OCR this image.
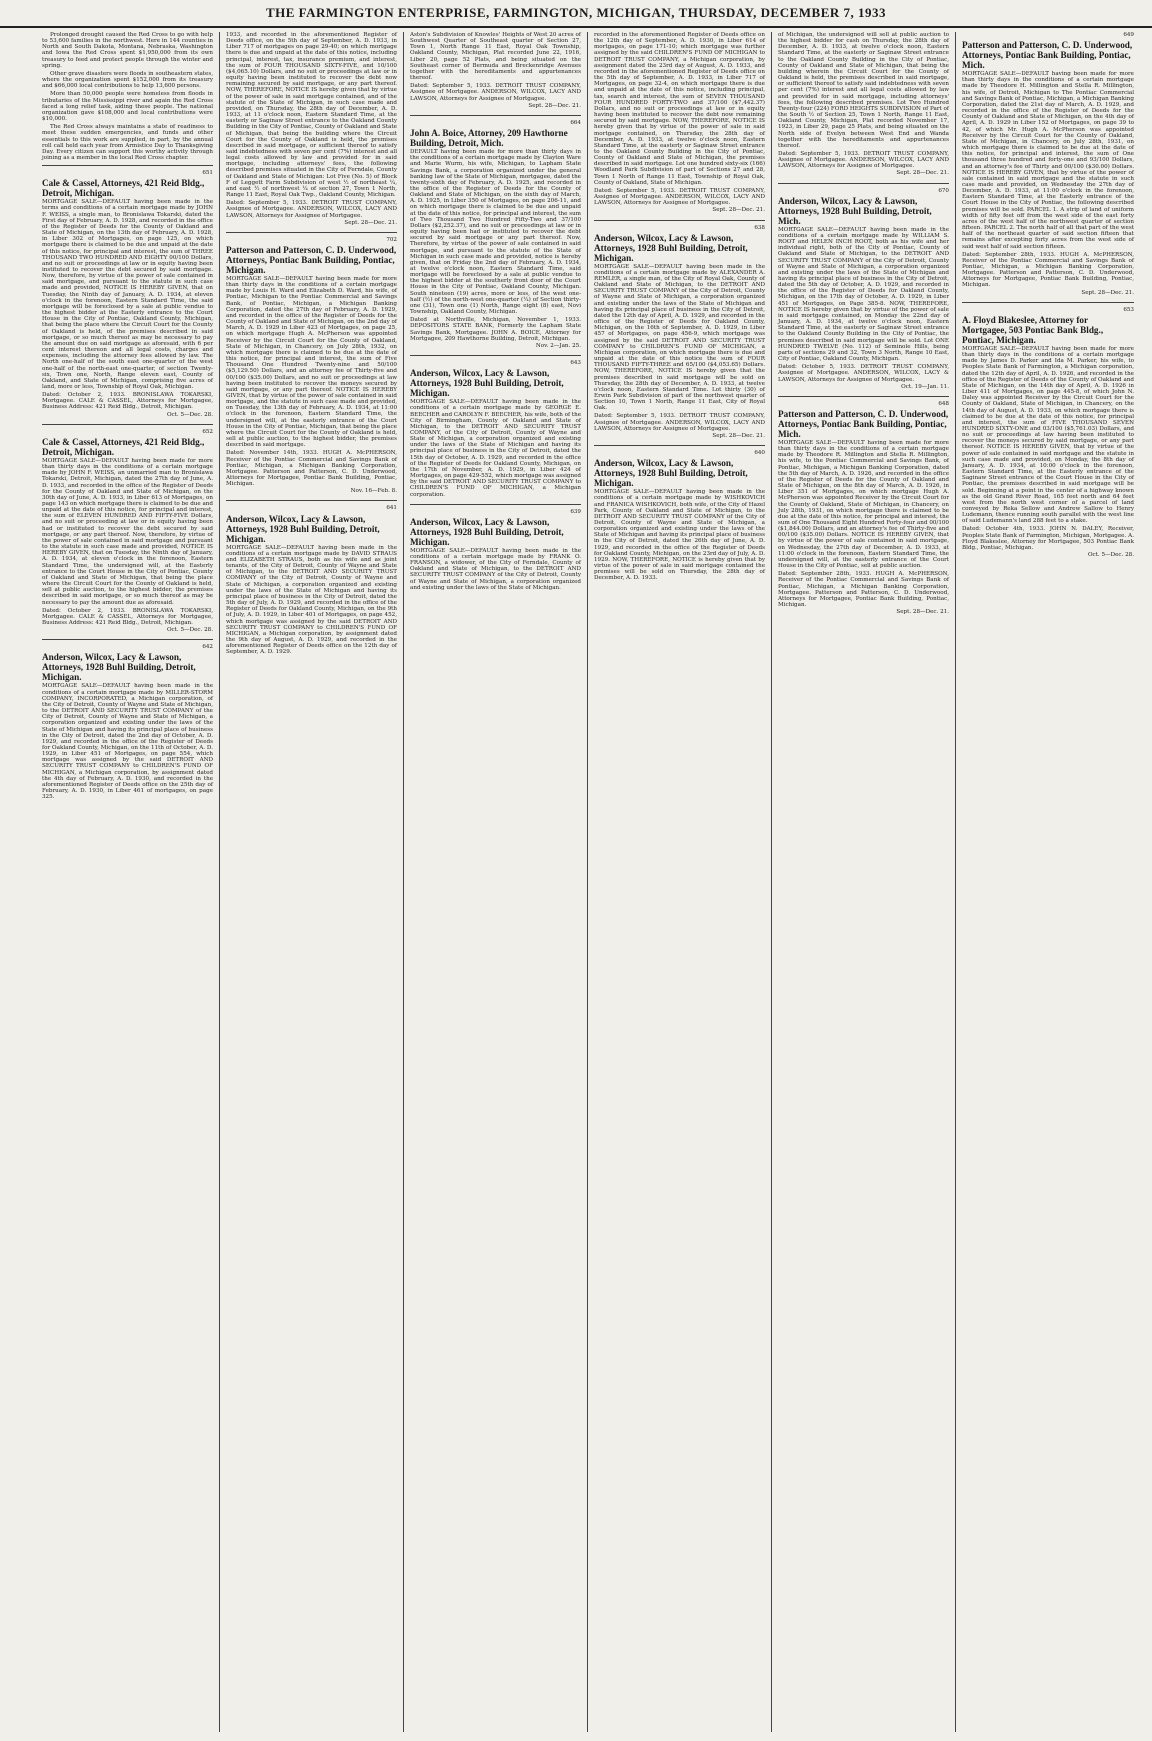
THE FARMINGTON ENTERPRISE, FARMINGTON, MICHIGAN, THURSDAY, DECEMBER 7, 1933
Prolonged drought caused the Red Cross to go with help to 53,600 families in the northwest. Here in 144 counties in North and South Dakota, Montana, Nebraska, Washington and Iowa the Red Cross spent $1,950,000 from its own treasury to feed and protect people through the winter and spring.
Other grave disasters were floods in southeastern states, where the organization spent $152,000 from its treasury and $66,000 local contributions to help 13,600 persons.
More than 50,000 people were homeless from floods in tributaries of the Mississippi river and again the Red Cross faced a long relief task, aiding these people. The national organization gave $108,000 and local contributions were $10,000.
The Red Cross always maintains a state of readiness to meet these sudden emergencies, and funds and other essentials to this work are supplied, in part, by the annual roll call held each year from Armistice Day to Thanksgiving Day. Every citizen can support this worthy activity through joining as a member in the local Red Cross chapter.
651
Cale & Cassel, Attorneys, 421 Reid Bldg., Detroit, Michigan.
MORTGAGE SALE—DEFAULT having been made in the terms and conditions of a certain mortgage made by JOHN F. WEISS, a single man, to Bronislawa Tokarski, dated the First day of February, A. D. 1928, and recorded in the office of the Register of Deeds for the County of Oakland and State of Michigan, on the 13th day of February, A. D. 1928, in Liber 302 of Mortgages, on page 125, on which mortgage there is claimed to be due and unpaid at the date of this notice, for principal and interest, the sum of THREE THOUSAND TWO HUNDRED AND EIGHTY 00/100 Dollars, and no suit or proceedings at law or in equity having been instituted to recover the debt secured by said mortgage. Now, therefore, by virtue of the power of sale contained in said mortgage, and pursuant to the statute in such case made and provided, NOTICE IS HEREBY GIVEN, that on Tuesday, the Ninth day of January, A. D. 1934, at eleven o'clock in the forenoon, Eastern Standard Time, the said mortgage will be foreclosed by a sale at public vendue to the highest bidder at the Easterly entrance to the Court House in the City of Pontiac, Oakland County, Michigan, that being the place where the Circuit Court for the County of Oakland is held, of the premises described in said mortgage, or so much thereof as may be necessary to pay the amount due on said mortgage as aforesaid, with 6 per cent interest thereon and all legal costs, charges and expenses, including the attorney fees allowed by law. The North one-half of the south east one-quarter of the west one-half of the north-east one-quarter, of section Twenty-six, Town one, North, Range eleven east, County of Oakland, and State of Michigan, comprising five acres of land, more or less, Township of Royal Oak, Michigan.
Dated: October 2, 1933. BRONISLAWA TOKARSKI, Mortgagee. CALE & CASSEL, Attorneys for Mortgagee, Business Address: 421 Reid Bldg., Detroit, Michigan.
Oct. 5—Dec. 28.
652
Cale & Cassel, Attorneys, 421 Reid Bldg., Detroit, Michigan.
MORTGAGE SALE—DEFAULT having been made for more than thirty days in the conditions of a certain mortgage made by JOHN F. WEISS, an unmarried man to Bronislawa Tokarski, Detroit, Michigan, dated the 27th day of June, A. D. 1933, and recorded in the office of the Register of Deeds for the County of Oakland and State of Michigan, on the 30th day of June, A. D. 1933, in Liber 613 of Mortgages, on page 143 on which mortgage there is claimed to be due and unpaid at the date of this notice, for principal and interest, the sum of ELEVEN HUNDRED AND FIFTY-FIVE Dollars, and no suit or proceeding at law or in equity having been had or instituted to recover the debt secured by said mortgage, or any part thereof. Now, therefore, by virtue of the power of sale contained in said mortgage and pursuant to the statute in such case made and provided, NOTICE IS HEREBY GIVEN, that on Tuesday, the Ninth day of January, A. D. 1934, at eleven o'clock in the forenoon, Eastern Standard Time, the undersigned will, at the Easterly entrance to the Court House in the City of Pontiac, County of Oakland and State of Michigan, that being the place where the Circuit Court for the County of Oakland is held, sell at public auction, to the highest bidder, the premises described in said mortgage, or so much thereof as may be necessary to pay the amount due as aforesaid.
Dated: October 2, 1933. BRONISLAWA TOKARSKI, Mortgagee. CALE & CASSEL, Attorneys for Mortgagee, Business Address: 421 Reid Bldg., Detroit, Michigan.
Oct. 5—Dec. 28.
642
Anderson, Wilcox, Lacy & Lawson, Attorneys, 1928 Buhl Building, Detroit, Michigan.
MORTGAGE SALE—DEFAULT having been made in the conditions of a certain mortgage made by MILLER-STORM COMPANY, INCORPORATED, a Michigan corporation, of the City of Detroit, County of Wayne and State of Michigan, to the DETROIT AND SECURITY TRUST COMPANY of the City of Detroit, County of Wayne and State of Michigan, a corporation organized and existing under the laws of the State of Michigan and having its principal place of business in the City of Detroit, dated the 2nd day of October, A. D. 1929, and recorded in the office of the Register of Deeds for Oakland County, Michigan, on the 11th of October, A. D. 1929, in Liber 451 of Mortgages, on page 554, which mortgage was assigned by the said DETROIT AND SECURITY TRUST COMPANY to CHILDREN'S FUND OF MICHIGAN, a Michigan corporation, by assignment dated the 4th day of February, A. D. 1930, and recorded in the aforementioned Register of Deeds office on the 25th day of February, A. D. 1930, in Liber 461 of mortgages, on page 325.
1933, and recorded in the aforementioned Register of Deeds office, on the 5th day of September, A. D. 1933, in Liber 717 of mortgages on page 29-40; on which mortgage there is due and unpaid at the date of this notice, including principal, interest, tax, insurance premium, and interest, the sum of FOUR THOUSAND SIXTY-FIVE, and 10/100 ($4,065.10) Dollars, and no suit or proceedings at law or in equity having been instituted to recover the debt now remaining secured by said mortgage, or any part thereof. NOW, THEREFORE, NOTICE IS hereby given that by virtue of the power of sale in said mortgage contained, and of the statute of the State of Michigan, in such case made and provided, on Thursday, the 28th day of December, A. D. 1933, at 11 o'clock noon, Eastern Standard Time, at the easterly or Saginaw Street entrance to the Oakland County Building in the City of Pontiac, County of Oakland and State of Michigan, that being the building where the Circuit Court for the County of Oakland is held, the premises described in said mortgage, or sufficient thereof to satisfy said indebtedness with seven per cent (7%) interest and all legal costs allowed by law and provided for in said mortgage, including attorneys' fees, the following described premises situated in the City of Ferndale, County of Oakland and State of Michigan: Lot Five (No. 5) of Block F of Leggett Farm Subdivision of west ½ of northeast ¼, and east ½ of northwest ¼ of section 27, Town 1 North, Range 11 East, Royal Oak Twp., Oakland County, Michigan.
Dated: September 5, 1933. DETROIT TRUST COMPANY, Assignee of Mortgagee. ANDERSON, WILCOX, LACY AND LAWSON, Attorneys for Assignee of Mortgagee.
Sept. 28—Dec. 21.
702
Patterson and Patterson, C. D. Underwood, Attorneys, Pontiac Bank Building, Pontiac, Michigan.
MORTGAGE SALE—DEFAULT having been made for more than thirty days in the conditions of a certain mortgage made by Louis H. Ward and Elizabeth D. Ward, his wife, of Pontiac, Michigan to the Pontiac Commercial and Savings Bank, of Pontiac, Michigan, a Michigan Banking Corporation, dated the 27th day of February, A. D. 1929, and recorded in the office of the Register of Deeds for the County of Oakland and State of Michigan, on the 2nd day of March, A. D. 1929 in Liber 423 of Mortgages, on page 25, on which mortgage Hugh A. McPherson was appointed Receiver by the Circuit Court for the County of Oakland, State of Michigan, in Chancery, on July 28th, 1932, on which mortgage there is claimed to be due at the date of this notice, for principal and interest, the sum of Five Thousand One Hundred Twenty-nine and 50/100 ($5,129.50) Dollars, and an attorney fee of Thirty-five and 00/100 ($35.00) Dollars, and no suit or proceedings at law having been instituted to recover the moneys secured by said mortgage, or any part thereof. NOTICE IS HEREBY GIVEN, that by virtue of the power of sale contained in said mortgage, and the statute in such case made and provided, on Tuesday, the 13th day of February, A. D. 1934, at 11:00 o'clock in the forenoon, Eastern Standard Time, the undersigned will, at the easterly entrance of the Court House in the City of Pontiac, Michigan, that being the place where the Circuit Court for the County of Oakland is held, sell at public auction, to the highest bidder, the premises described in said mortgage.
Dated: November 14th, 1933. HUGH A. McPHERSON, Receiver of the Pontiac Commercial and Savings Bank of Pontiac, Michigan, a Michigan Banking Corporation, Mortgagee. Patterson and Patterson, C. D. Underwood, Attorneys for Mortgagee, Pontiac Bank Building, Pontiac, Michigan.
Nov. 16—Feb. 8.
641
Anderson, Wilcox, Lacy & Lawson, Attorneys, 1928 Buhl Building, Detroit, Michigan.
MORTGAGE SALE—DEFAULT having been made in the conditions of a certain mortgage made by DAVID STRAUS and ELIZABETH STRAUS, both as his wife and as joint tenants, of the City of Detroit, County of Wayne and State of Michigan, to the DETROIT AND SECURITY TRUST COMPANY of the City of Detroit, County of Wayne and State of Michigan, a corporation organized and existing under the laws of the State of Michigan and having its principal place of business in the City of Detroit, dated the 5th day of July, A. D. 1929, and recorded in the office of the Register of Deeds for Oakland County, Michigan, on the 9th of July, A. D. 1929, in Liber 401 of Mortgages, on page 452, which mortgage was assigned by the said DETROIT AND SECURITY TRUST COMPANY to CHILDREN'S FUND OF MICHIGAN, a Michigan corporation, by assignment dated the 9th day of August, A. D. 1929, and recorded in the aforementioned Register of Deeds office on the 12th day of September, A. D. 1929.
Aston's Subdivision of Knowles' Heights of West 20 acres of Southwest Quarter of Southeast quarter of Section 27, Town 1, North Range 11 East, Royal Oak Township, Oakland County, Michigan, Plat recorded June 22, 1916, Liber 20, page 52 Plats, and being situated on the Southeast corner of Bermuda and Breckenridge Avenues together with the hereditaments and appurtenances thereof.
Dated: September 5, 1933. DETROIT TRUST COMPANY, Assignee of Mortgagee. ANDERSON, WILCOX, LACY AND LAWSON, Attorneys for Assignee of Mortgagee.
Sept. 28—Dec. 21.
664
John A. Boice, Attorney, 209 Hawthorne Building, Detroit, Mich.
DEFAULT having been made for more than thirty days in the conditions of a certain mortgage made by Clayton Ware and Marie Wurm, his wife, Michigan, to Lapham State Savings Bank, a corporation organized under the general banking law of the State of Michigan, mortgagee, dated the twenty-sixth day of February, A. D. 1925, and recorded in the office of the Register of Deeds for the County of Oakland and State of Michigan, on the sixth day of March, A. D. 1925, in Liber 350 of Mortgages, on page 206-11, and on which mortgage there is claimed to be due and unpaid at the date of this notice, for principal and interest, the sum of Two Thousand Two Hundred Fifty-Two and 37/100 Dollars ($2,252.37), and no suit or proceedings at law or in equity having been had or instituted to recover the debt secured by said mortgage or any part thereof. Now, Therefore, by virtue of the power of sale contained in said mortgage, and pursuant to the statute of the State of Michigan in such case made and provided, notice is hereby given, that on Friday the 2nd day of February, A. D. 1934, at twelve o'clock noon, Eastern Standard Time, said mortgage will be foreclosed by a sale at public vendue to the highest bidder at the southerly front door of the Court House in the City of Pontiac, Oakland County, Michigan. South nineteen (19) acres, more or less, of the west one-half (½) of the north-west one-quarter (¼) of Section thirty-one (31), Town one (1) North, Range eight (8) east, Novi Township, Oakland County, Michigan.
Dated at Northville, Michigan, November 1, 1933. DEPOSITORS STATE BANK, Formerly the Lapham State Savings Bank, Mortgagee. JOHN A. BOICE, Attorney for Mortgagee, 209 Hawthorne Building, Detroit, Michigan.
Nov. 2—Jan. 25.
643
Anderson, Wilcox, Lacy & Lawson, Attorneys, 1928 Buhl Building, Detroit, Michigan.
MORTGAGE SALE—DEFAULT having been made in the conditions of a certain mortgage made by GEORGE E. BEECHER and CAROLYN F. BEECHER, his wife, both of the City of Birmingham, County of Oakland and State of Michigan, to the DETROIT AND SECURITY TRUST COMPANY, of the City of Detroit, County of Wayne and State of Michigan, a corporation organized and existing under the laws of the State of Michigan and having its principal place of business in the City of Detroit, dated the 15th day of October, A. D. 1929, and recorded in the office of the Register of Deeds for Oakland County, Michigan, on the 17th of November, A. D. 1929, in Liber 424 of Mortgages, on page 429-552, which mortgage was assigned by the said DETROIT AND SECURITY TRUST COMPANY to CHILDREN'S FUND OF MICHIGAN, a Michigan corporation.
639
Anderson, Wilcox, Lacy & Lawson, Attorneys, 1928 Buhl Building, Detroit, Michigan.
MORTGAGE SALE—DEFAULT having been made in the conditions of a certain mortgage made by FRANK O. FRANSON, a widower, of the City of Ferndale, County of Oakland and State of Michigan, to the DETROIT AND SECURITY TRUST COMPANY of the City of Detroit, County of Wayne and State of Michigan, a corporation organized and existing under the laws of the State of Michigan.
recorded in the aforementioned Register of Deeds office on the 12th day of September, A. D. 1930, in Liber 614 of mortgages, on page 171-10; which mortgage was further assigned by the said CHILDREN'S FUND OF MICHIGAN to DETROIT TRUST COMPANY, a Michigan corporation, by assignment dated the 23rd day of August, A. D. 1933, and recorded in the aforementioned Register of Deeds office on the 5th day of September, A. D. 1933, in Liber 717 of Mortgages, on page 32-4, on which mortgage there is due and unpaid at the date of this notice, including principal, tax, search and interest, the sum of SEVEN THOUSAND FOUR HUNDRED FORTY-TWO and 37/100 ($7,442.37) Dollars, and no suit or proceedings at law or in equity having been instituted to recover the debt now remaining secured by said mortgage. NOW, THEREFORE, NOTICE IS hereby given that by virtue of the power of sale in said mortgage contained, on Thursday, the 28th day of December, A. D. 1933, at twelve o'clock noon, Eastern Standard Time, at the easterly or Saginaw Street entrance to the Oakland County Building in the City of Pontiac, County of Oakland and State of Michigan, the premises described in said mortgage. Lot one hundred sixty-six (166) Woodland Park Subdivision of part of Sections 27 and 28, Town 1 North of Range 11 East, Township of Royal Oak, County of Oakland, State of Michigan.
Dated: September 5, 1933. DETROIT TRUST COMPANY, Assignee of Mortgagee. ANDERSON, WILCOX, LACY AND LAWSON, Attorneys for Assignee of Mortgagee.
Sept. 28—Dec. 21.
638
Anderson, Wilcox, Lacy & Lawson, Attorneys, 1928 Buhl Building, Detroit, Michigan.
MORTGAGE SALE—DEFAULT having been made in the conditions of a certain mortgage made by ALEXANDER A. REMLER, a single man, of the City of Royal Oak, County of Oakland and State of Michigan, to the DETROIT AND SECURITY TRUST COMPANY of the City of Detroit, County of Wayne and State of Michigan, a corporation organized and existing under the laws of the State of Michigan and having its principal place of business in the City of Detroit, dated the 12th day of April, A. D. 1929, and recorded in the office of the Register of Deeds for Oakland County, Michigan, on the 16th of September, A. D. 1929, in Liber 457 of Mortgages, on page 456-9, which mortgage was assigned by the said DETROIT AND SECURITY TRUST COMPANY to CHILDREN'S FUND OF MICHIGAN, a Michigan corporation, on which mortgage there is due and unpaid at the date of this notice the sum of FOUR THOUSAND FIFTY-THREE and 65/100 ($4,053.65) Dollars. NOW, THEREFORE, NOTICE IS hereby given that the premises described in said mortgage will be sold on Thursday, the 28th day of December, A. D. 1933, at twelve o'clock noon, Eastern Standard Time. Lot thirty (30) of Erwin Park Subdivision of part of the northwest quarter of Section 10, Town 1 North, Range 11 East, City of Royal Oak.
Dated: September 5, 1933. DETROIT TRUST COMPANY, Assignee of Mortgagee. ANDERSON, WILCOX, LACY AND LAWSON, Attorneys for Assignee of Mortgagee.
Sept. 28—Dec. 21.
640
Anderson, Wilcox, Lacy & Lawson, Attorneys, 1928 Buhl Building, Detroit, Michigan.
MORTGAGE SALE—DEFAULT having been made in the conditions of a certain mortgage made by WISHKOVICH and FRANICA WISHKOVICH, both wife, of the City of Hazel Park, County of Oakland and State of Michigan, to the DETROIT AND SECURITY TRUST COMPANY of the City of Detroit, County of Wayne and State of Michigan, a corporation organized and existing under the laws of the State of Michigan and having its principal place of business in the City of Detroit, dated the 26th day of June, A. D. 1929, and recorded in the office of the Register of Deeds for Oakland County, Michigan, on the 23rd day of July, A. D. 1929. NOW, THEREFORE, NOTICE is hereby given that by virtue of the power of sale in said mortgage contained the premises will be sold on Thursday, the 28th day of December, A. D. 1933.
of Michigan, the undersigned will sell at public auction to the highest bidder for cash on Thursday, the 28th day of December, A. D. 1933, at twelve o'clock noon, Eastern Standard Time, at the easterly or Saginaw Street entrance to the Oakland County Building in the City of Pontiac, County of Oakland and State of Michigan, that being the building wherein the Circuit Court for the County of Oakland is held, the premises described in said mortgage, or sufficient thereof to satisfy said indebtedness with seven per cent (7%) interest and all legal costs allowed by law and provided for in said mortgage, including attorneys' fees, the following described premises. Lot Two Hundred Twenty-four (224) FORD HEIGHTS SUBDIVISION of Part of the South ½ of Section 25, Town 1 North, Range 11 East, Oakland County, Michigan, Plat recorded November 17, 1923, in Liber 29, page 25 Plats, and being situated on the North side of Evelyn between West End and Wanda together with the hereditaments and appurtenances thereof.
Dated: September 5, 1933. DETROIT TRUST COMPANY, Assignee of Mortgagee. ANDERSON, WILCOX, LACY AND LAWSON, Attorneys for Assignee of Mortgagee.
Sept. 28—Dec. 21.
670
Anderson, Wilcox, Lacy & Lawson, Attorneys, 1928 Buhl Building, Detroit, Mich.
MORTGAGE SALE—DEFAULT having been made in the conditions of a certain mortgage made by WILLIAM S. ROOT and HELEN INCH ROOT, both as his wife and her individual right, both of the City of Pontiac, County of Oakland and State of Michigan, to the DETROIT AND SECURITY TRUST COMPANY of the City of Detroit, County of Wayne and State of Michigan, a corporation organized and existing under the laws of the State of Michigan and having its principal place of business in the City of Detroit, dated the 5th day of October, A. D. 1929, and recorded in the office of the Register of Deeds for Oakland County, Michigan, on the 17th day of October, A. D. 1929, in Liber 451 of Mortgages, on Page 385-8. NOW, THEREFORE, NOTICE IS hereby given that by virtue of the power of sale in said mortgage contained, on Monday the 22nd day of January, A. D. 1934, at twelve o'clock noon, Eastern Standard Time, at the easterly or Saginaw Street entrance to the Oakland County Building in the City of Pontiac, the premises described in said mortgage will be sold. Lot ONE HUNDRED TWELVE (No. 112) of Seminole Hills, being parts of sections 29 and 32, Town 3 North, Range 10 East, City of Pontiac, Oakland County, Michigan.
Dated: October 5, 1933. DETROIT TRUST COMPANY, Assignee of Mortgagee. ANDERSON, WILCOX, LACY & LAWSON, Attorneys for Assignee of Mortgagee.
Oct. 19—Jan. 11.
648
Patterson and Patterson, C. D. Underwood, Attorneys, Pontiac Bank Building, Pontiac, Mich.
MORTGAGE SALE—DEFAULT having been made for more than thirty days in the conditions of a certain mortgage made by Theodore R. Millington and Stella R. Millington, his wife, to the Pontiac Commercial and Savings Bank, of Pontiac, Michigan, a Michigan Banking Corporation, dated the 5th day of March, A. D. 1926, and recorded in the office of the Register of Deeds for the County of Oakland and State of Michigan, on the 8th day of March, A. D. 1926, in Liber 351 of Mortgages, on which mortgage Hugh A. McPherson was appointed Receiver by the Circuit Court for the County of Oakland, State of Michigan, in Chancery, on July 28th, 1931, on which mortgage there is claimed to be due at the date of this notice, for principal and interest, the sum of One Thousand Eight Hundred Forty-four and 00/100 ($1,844.00) Dollars, and an attorney's fee of Thirty-five and 00/100 ($35.00) Dollars. NOTICE IS HEREBY GIVEN, that by virtue of the power of sale contained in said mortgage, on Wednesday, the 27th day of December, A. D. 1933, at 11:00 o'clock in the forenoon, Eastern Standard Time, the undersigned will, at the easterly entrance of the Court House in the City of Pontiac, sell at public auction.
Dated: September 28th, 1933. HUGH A. McPHERSON, Receiver of the Pontiac Commercial and Savings Bank of Pontiac, Michigan, a Michigan Banking Corporation, Mortgagee. Patterson and Patterson, C. D. Underwood, Attorneys for Mortgagee, Pontiac Bank Building, Pontiac, Michigan.
Sept. 28—Dec. 21.
649
Patterson and Patterson, C. D. Underwood, Attorneys, Pontiac Bank Building, Pontiac, Mich.
MORTGAGE SALE—DEFAULT having been made for more than thirty days in the conditions of a certain mortgage made by Theodore H. Millington and Stella R. Millington, his wife, of Detroit, Michigan to The Pontiac Commercial and Savings Bank of Pontiac, Michigan, a Michigan Banking Corporation, dated the 21st day of March, A. D. 1929, and recorded in the office of the Register of Deeds for the County of Oakland and State of Michigan, on the 4th day of April, A. D. 1929 in Liber 152 of Mortgages, on page 39 to 42, of which Mr. Hugh A. McPherson was appointed Receiver by the Circuit Court for the County of Oakland, State of Michigan, in Chancery, on July 28th, 1931, on which mortgage there is claimed to be due at the date of this notice, for principal and interest, the sum of One thousand three hundred and forty-one and 93/100 Dollars, and an attorney's fee of Thirty and 00/100 ($30.00) Dollars. NOTICE IS HEREBY GIVEN, that by virtue of the power of sale contained in said mortgage and the statute in such case made and provided, on Wednesday the 27th day of December, A. D. 1933, at 11:00 o'clock in the forenoon, Eastern Standard Time, at the Easterly entrance of the Court House in the City of Pontiac, the following described premises will be sold. PARCEL 1. A strip of land of uniform width of fifty feet off from the west side of the east forty acres of the west half of the northwest quarter of section fifteen. PARCEL 2. The north half of all that part of the west half of the northeast quarter of said section fifteen that remains after excepting forty acres from the west side of said west half of said section fifteen.
Dated: September 28th, 1933. HUGH A. McPHERSON, Receiver of the Pontiac Commercial and Savings Bank of Pontiac, Michigan, a Michigan Banking Corporation, Mortgagee. Patterson and Patterson, C. D. Underwood, Attorneys for Mortgagee, Pontiac Bank Building, Pontiac, Michigan.
Sept. 28—Dec. 21.
653
A. Floyd Blakeslee, Attorney for Mortgagee, 503 Pontiac Bank Bldg., Pontiac, Michigan.
MORTGAGE SALE—DEFAULT having been made for more than thirty days in the conditions of a certain mortgage made by James D. Parker and Ida M. Parker, his wife, to Peoples State Bank of Farmington, a Michigan corporation, dated the 12th day of April, A. D. 1926, and recorded in the office of the Register of Deeds of the County of Oakland and State of Michigan, on the 14th day of April, A. D. 1926 in Liber 411 of Mortgages, on page 445-8, of which John N. Daley was appointed Receiver by the Circuit Court for the County of Oakland, State of Michigan, in Chancery, on the 14th day of August, A. D. 1933, on which mortgage there is claimed to be due at the date of this notice, for principal and interest, the sum of FIVE THOUSAND SEVEN HUNDRED SIXTY-ONE and 03/100 ($5,761.03) Dollars, and no suit or proceedings at law having been instituted to recover the moneys secured by said mortgage, or any part thereof. NOTICE IS HEREBY GIVEN, that by virtue of the power of sale contained in said mortgage and the statute in such case made and provided, on Monday, the 8th day of January, A. D. 1934, at 10:00 o'clock in the forenoon, Eastern Standard Time, at the Easterly entrance of the Saginaw Street entrance of the Court House in the City of Pontiac, the premises described in said mortgage will be sold. Beginning at a point in the center of a highway known as the old Grand River Road, 165 feet north and 64 feet west from the north west corner of a parcel of land conveyed by Reka Sellow and Andrew Sallow to Henry Ludemann, thence running south parallel with the west line of said Ludemann's land 288 feet to a stake.
Dated: October 4th, 1933. JOHN N. DALEY, Receiver, Peoples State Bank of Farmington, Michigan, Mortgagee. A. Floyd Blakeslee, Attorney for Mortgagee, 503 Pontiac Bank Bldg., Pontiac, Michigan.
Oct. 5—Dec. 28.
